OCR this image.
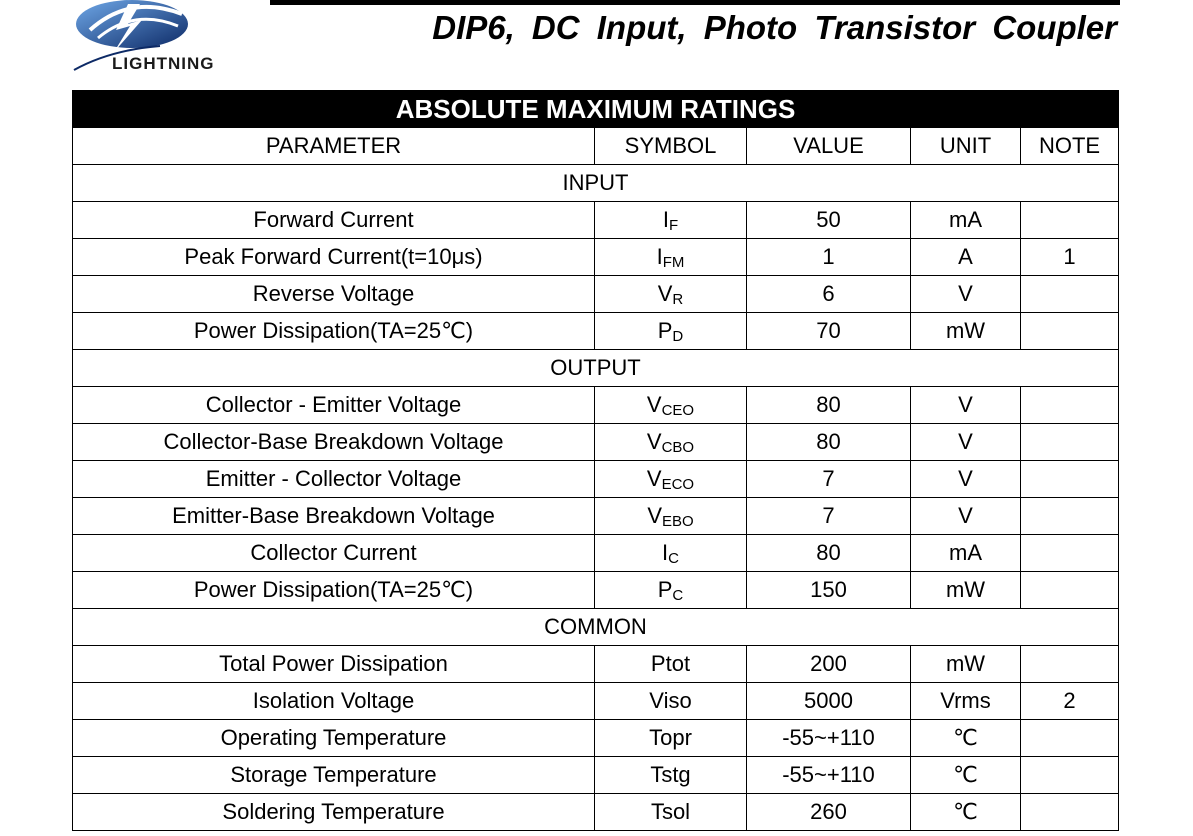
LIGHTNING
DIP6, DC Input, Photo Transistor Coupler
ABSOLUTE MAXIMUM RATINGS				
PARAMETER	SYMBOL	VALUE	UNIT	NOTE
INPUT				
Forward Current	IF	50	mA	
Peak Forward Current(t=10μs)	IFM	1	A	1
Reverse Voltage	VR	6	V	
Power Dissipation(TA=25℃)	PD	70	mW	
OUTPUT				
Collector - Emitter Voltage	VCEO	80	V	
Collector-Base Breakdown Voltage	VCBO	80	V	
Emitter - Collector Voltage	VECO	7	V	
Emitter-Base Breakdown Voltage	VEBO	7	V	
Collector Current	IC	80	mA	
Power Dissipation(TA=25℃)	PC	150	mW	
COMMON				
Total Power Dissipation	Ptot	200	mW	
Isolation Voltage	Viso	5000	Vrms	2
Operating Temperature	Topr	-55~+110	℃	
Storage Temperature	Tstg	-55~+110	℃	
Soldering Temperature	Tsol	260	℃	
